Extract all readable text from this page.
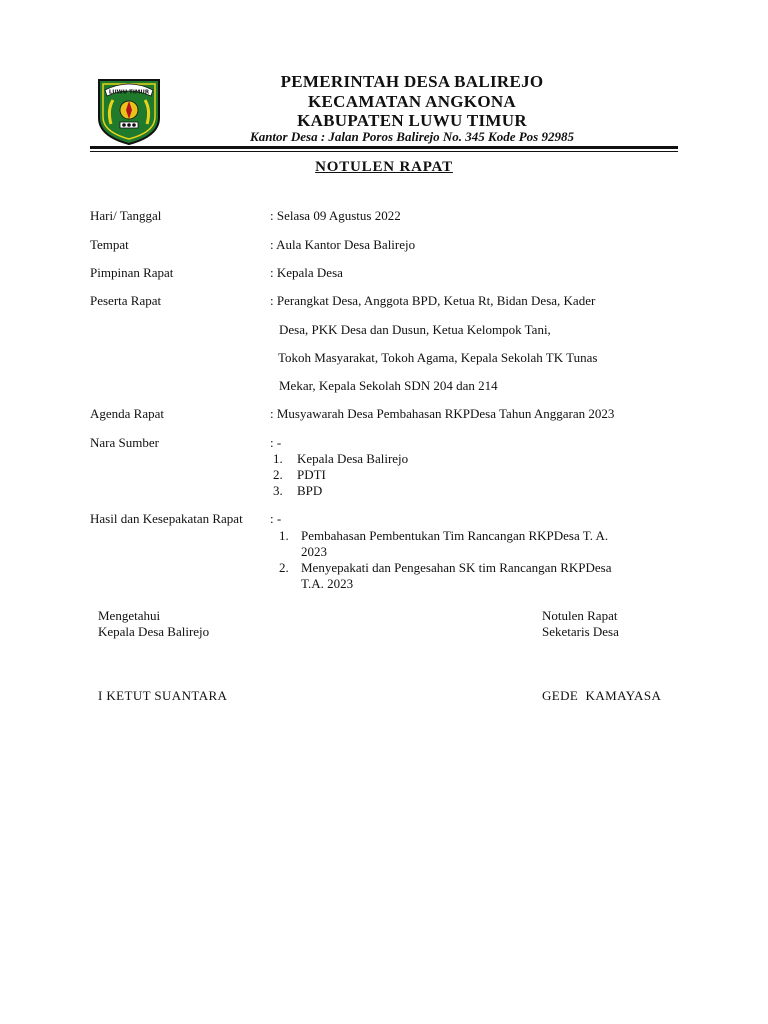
LUWU TIMUR
PEMERINTAH DESA BALIREJO
KECAMATAN ANGKONA
KABUPATEN LUWU TIMUR
Kantor Desa : Jalan Poros Balirejo No. 345 Kode Pos 92985
NOTULEN RAPAT
Hari/ Tanggal	: Selasa 09 Agustus 2022
Tempat	: Aula Kantor Desa Balirejo
Pimpinan Rapat	: Kepala Desa
Peserta Rapat	: Perangkat Desa, Anggota BPD, Ketua Rt, Bidan Desa, Kader
Desa, PKK Desa dan Dusun, Ketua Kelompok Tani,
Tokoh Masyarakat, Tokoh Agama, Kepala Sekolah TK Tunas
Mekar, Kepala Sekolah SDN 204 dan 214
Agenda Rapat	: Musyawarah Desa Pembahasan RKPDesa Tahun Anggaran 2023
Nara Sumber	: -
1. Kepala Desa Balirejo
2. PDTI
3. BPD
Hasil dan Kesepakatan Rapat : -
1. Pembahasan Pembentukan Tim Rancangan RKPDesa T. A.
2023
2. Menyepakati dan Pengesahan SK tim Rancangan RKPDesa
T.A. 2023
Mengetahui
Kepala Desa Balirejo
I KETUT SUANTARA
Notulen Rapat
Seketaris Desa
GEDE  KAMAYASA
